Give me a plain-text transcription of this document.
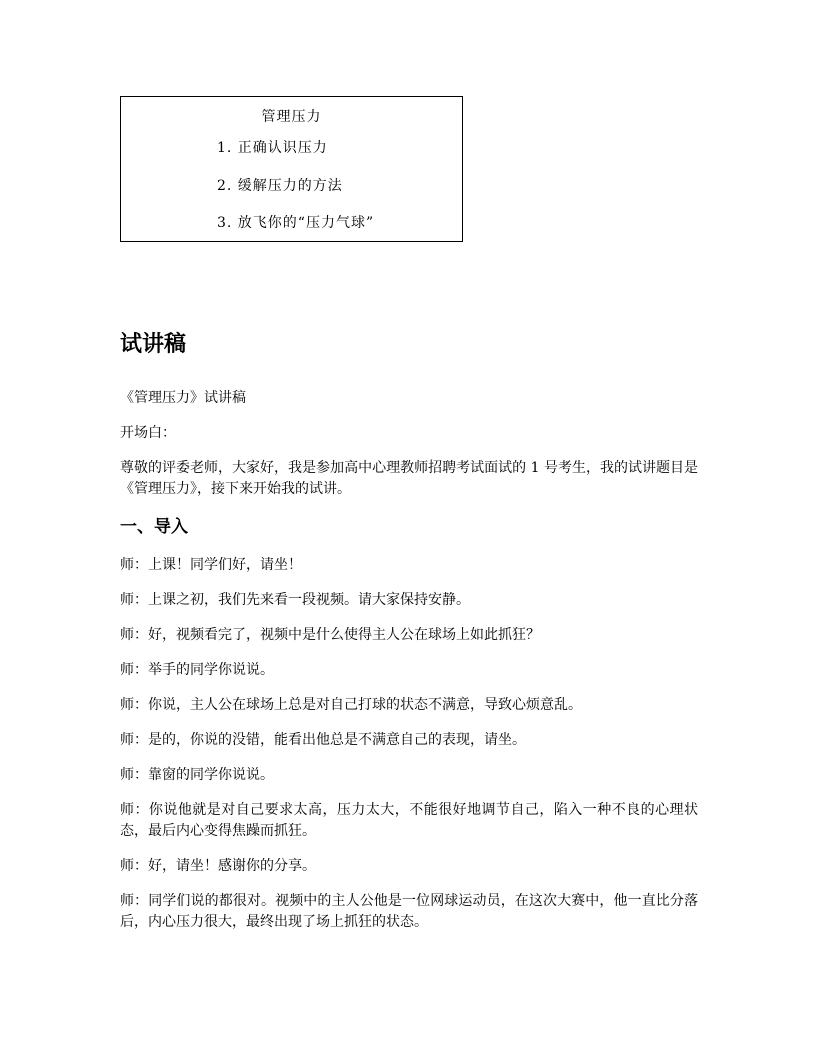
管理压力
1. 正确认识压力
2. 缓解压力的方法
3. 放飞你的“压力气球”
试讲稿

《管理压力》试讲稿

开场白：

尊敬的评委老师，大家好，我是参加高中心理教师招聘考试面试的 1 号考生，我的试讲题目是《管理压力》，接下来开始我的试讲。

一、导入

师：上课！同学们好，请坐！

师：上课之初，我们先来看一段视频。请大家保持安静。

师：好，视频看完了，视频中是什么使得主人公在球场上如此抓狂？

师：举手的同学你说说。

师：你说，主人公在球场上总是对自己打球的状态不满意，导致心烦意乱。

师：是的，你说的没错，能看出他总是不满意自己的表现，请坐。

师：靠窗的同学你说说。

师：你说他就是对自己要求太高，压力太大，不能很好地调节自己，陷入一种不良的心理状态，最后内心变得焦躁而抓狂。

师：好，请坐！感谢你的分享。

师：同学们说的都很对。视频中的主人公他是一位网球运动员，在这次大赛中，他一直比分落后，内心压力很大，最终出现了场上抓狂的状态。
